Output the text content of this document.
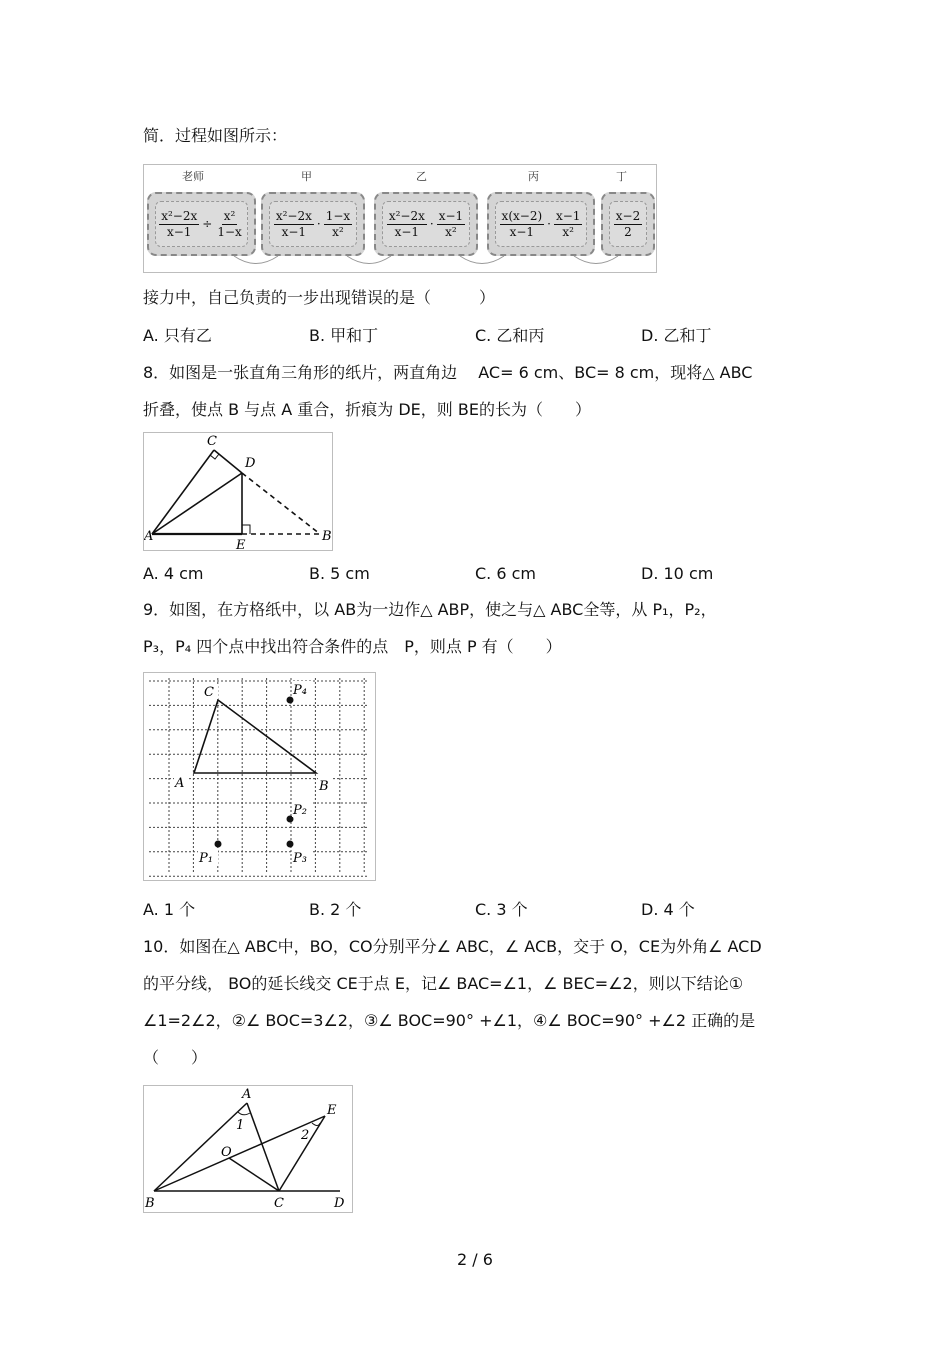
简．过程如图所示：
老师	甲	乙	丙	丁
$\frac{\text{x²−2x}}{x-1} \div \frac{\text{x²}}{1-x}$	$\frac{\text{x²−2x}}{x-1} \cdot \frac{1-x}{\text{x²}}$	$\frac{\text{x²−2x}}{x-1} \cdot \frac{x-1}{\text{x²}}$	$\frac{x(x-2)}{x-1} \cdot \frac{x-1}{\text{x²}}$	$\frac{x-2}{2}$
接力中，自己负责的一步出现错误的是（　　　）
A. 只有乙	B. 甲和丁	C. 乙和丙	D. 乙和丁
8．如图是一张直角三角形的纸片，两直角边　 AC= 6 cm、BC= 8 cm，现将△ ABC
折叠，使点 B 与点 A 重合，折痕为 DE，则 BE的长为（　　）
C
D
A
E
B
A. 4 cm	B. 5 cm	C. 6 cm	D. 10 cm
9．如图，在方格纸中，以 AB为一边作△ ABP，使之与△ ABC全等，从 P₁，P₂，
P₃，P₄ 四个点中找出符合条件的点　P，则点 P 有（　　）
C
A	B
P₄
P₂
P₁	P₃
A. 1 个	B. 2 个	C. 3 个	D. 4 个
10．如图在△ ABC中，BO，CO分别平分∠ ABC，∠ ACB，交于 O，CE为外角∠ ACD
的平分线， BO的延长线交 CE于点 E，记∠ BAC=∠1，∠ BEC=∠2，则以下结论①
∠1=2∠2，②∠ BOC=3∠2，③∠ BOC=90° +∠1，④∠ BOC=90° +∠2 正确的是
（　　）
A
1
E
2
O
B	C	D
2 / 6
